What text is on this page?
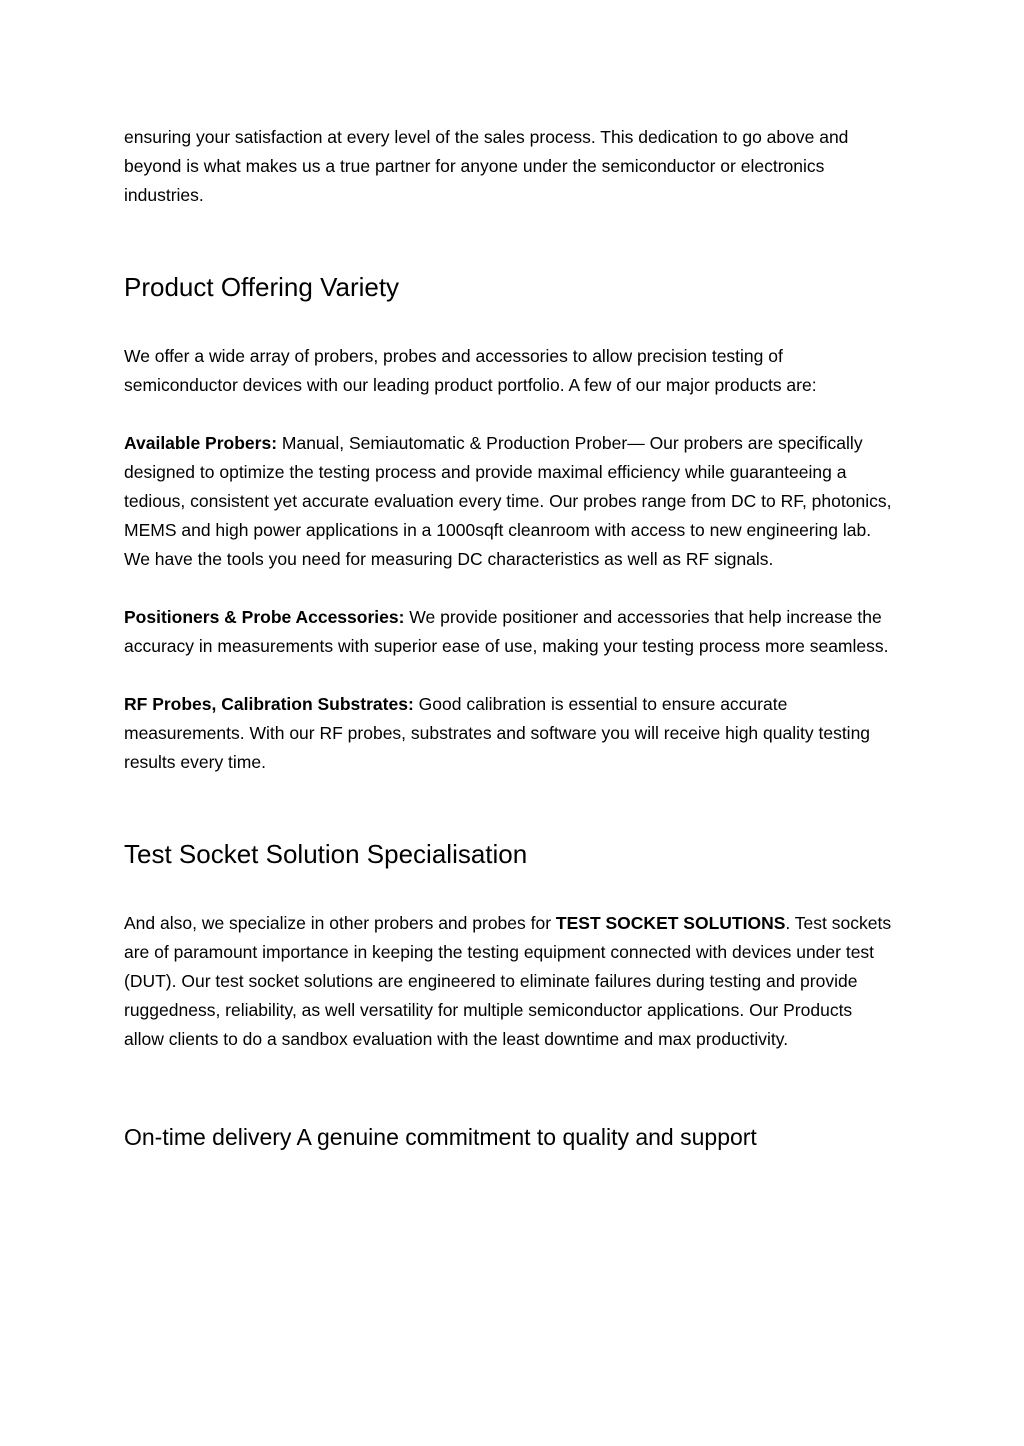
ensuring your satisfaction at every level of the sales process. This dedication to go above and beyond is what makes us a true partner for anyone under the semiconductor or electronics industries.

Product Offering Variety

We offer a wide array of probers, probes and accessories to allow precision testing of semiconductor devices with our leading product portfolio. A few of our major products are:

Available Probers: Manual, Semiautomatic & Production Prober— Our probers are specifically designed to optimize the testing process and provide maximal efficiency while guaranteeing a tedious, consistent yet accurate evaluation every time. Our probes range from DC to RF, photonics, MEMS and high power applications in a 1000sqft cleanroom with access to new engineering lab. We have the tools you need for measuring DC characteristics as well as RF signals.

Positioners & Probe Accessories: We provide positioner and accessories that help increase the accuracy in measurements with superior ease of use, making your testing process more seamless.

RF Probes, Calibration Substrates: Good calibration is essential to ensure accurate measurements. With our RF probes, substrates and software you will receive high quality testing results every time.

Test Socket Solution Specialisation

And also, we specialize in other probers and probes for TEST SOCKET SOLUTIONS. Test sockets are of paramount importance in keeping the testing equipment connected with devices under test (DUT). Our test socket solutions are engineered to eliminate failures during testing and provide ruggedness, reliability, as well versatility for multiple semiconductor applications. Our Products allow clients to do a sandbox evaluation with the least downtime and max productivity.

On-time delivery A genuine commitment to quality and support
